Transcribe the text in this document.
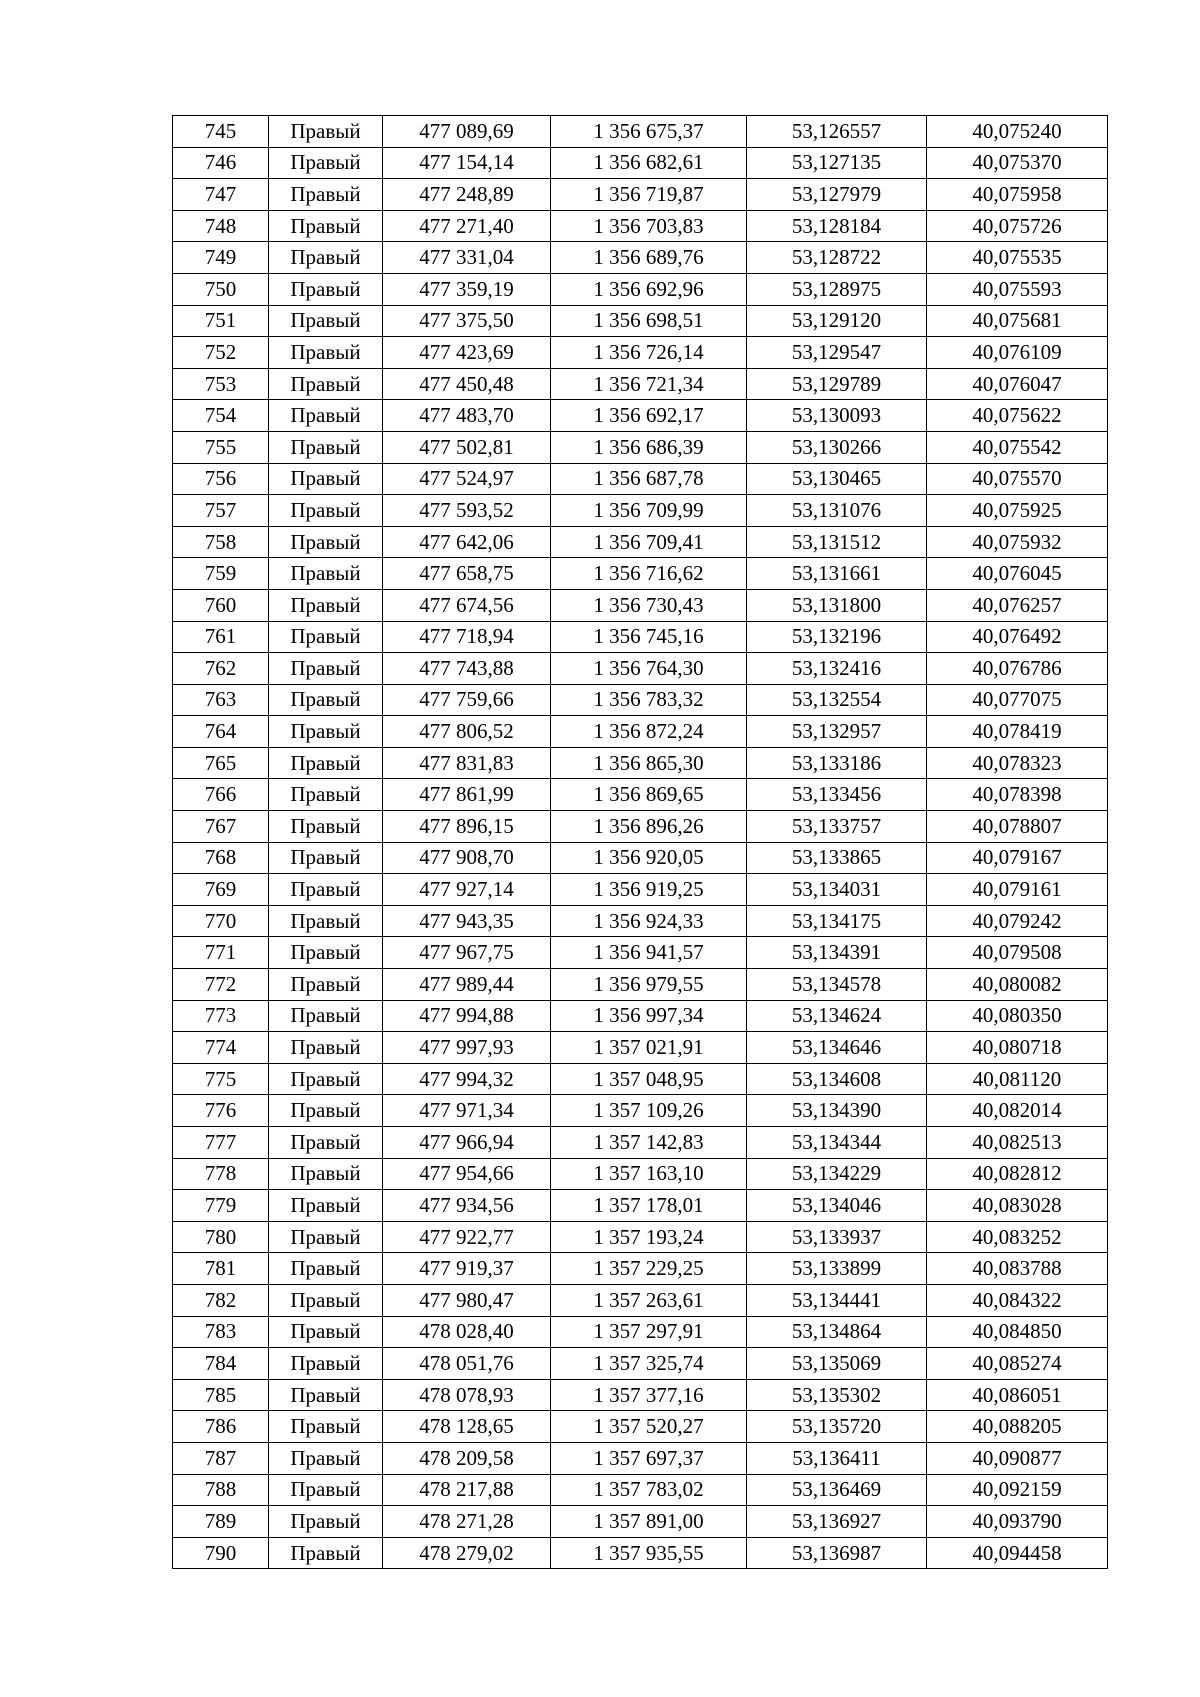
745	Правый	477 089,69	1 356 675,37	53,126557	40,075240
746	Правый	477 154,14	1 356 682,61	53,127135	40,075370
747	Правый	477 248,89	1 356 719,87	53,127979	40,075958
748	Правый	477 271,40	1 356 703,83	53,128184	40,075726
749	Правый	477 331,04	1 356 689,76	53,128722	40,075535
750	Правый	477 359,19	1 356 692,96	53,128975	40,075593
751	Правый	477 375,50	1 356 698,51	53,129120	40,075681
752	Правый	477 423,69	1 356 726,14	53,129547	40,076109
753	Правый	477 450,48	1 356 721,34	53,129789	40,076047
754	Правый	477 483,70	1 356 692,17	53,130093	40,075622
755	Правый	477 502,81	1 356 686,39	53,130266	40,075542
756	Правый	477 524,97	1 356 687,78	53,130465	40,075570
757	Правый	477 593,52	1 356 709,99	53,131076	40,075925
758	Правый	477 642,06	1 356 709,41	53,131512	40,075932
759	Правый	477 658,75	1 356 716,62	53,131661	40,076045
760	Правый	477 674,56	1 356 730,43	53,131800	40,076257
761	Правый	477 718,94	1 356 745,16	53,132196	40,076492
762	Правый	477 743,88	1 356 764,30	53,132416	40,076786
763	Правый	477 759,66	1 356 783,32	53,132554	40,077075
764	Правый	477 806,52	1 356 872,24	53,132957	40,078419
765	Правый	477 831,83	1 356 865,30	53,133186	40,078323
766	Правый	477 861,99	1 356 869,65	53,133456	40,078398
767	Правый	477 896,15	1 356 896,26	53,133757	40,078807
768	Правый	477 908,70	1 356 920,05	53,133865	40,079167
769	Правый	477 927,14	1 356 919,25	53,134031	40,079161
770	Правый	477 943,35	1 356 924,33	53,134175	40,079242
771	Правый	477 967,75	1 356 941,57	53,134391	40,079508
772	Правый	477 989,44	1 356 979,55	53,134578	40,080082
773	Правый	477 994,88	1 356 997,34	53,134624	40,080350
774	Правый	477 997,93	1 357 021,91	53,134646	40,080718
775	Правый	477 994,32	1 357 048,95	53,134608	40,081120
776	Правый	477 971,34	1 357 109,26	53,134390	40,082014
777	Правый	477 966,94	1 357 142,83	53,134344	40,082513
778	Правый	477 954,66	1 357 163,10	53,134229	40,082812
779	Правый	477 934,56	1 357 178,01	53,134046	40,083028
780	Правый	477 922,77	1 357 193,24	53,133937	40,083252
781	Правый	477 919,37	1 357 229,25	53,133899	40,083788
782	Правый	477 980,47	1 357 263,61	53,134441	40,084322
783	Правый	478 028,40	1 357 297,91	53,134864	40,084850
784	Правый	478 051,76	1 357 325,74	53,135069	40,085274
785	Правый	478 078,93	1 357 377,16	53,135302	40,086051
786	Правый	478 128,65	1 357 520,27	53,135720	40,088205
787	Правый	478 209,58	1 357 697,37	53,136411	40,090877
788	Правый	478 217,88	1 357 783,02	53,136469	40,092159
789	Правый	478 271,28	1 357 891,00	53,136927	40,093790
790	Правый	478 279,02	1 357 935,55	53,136987	40,094458
